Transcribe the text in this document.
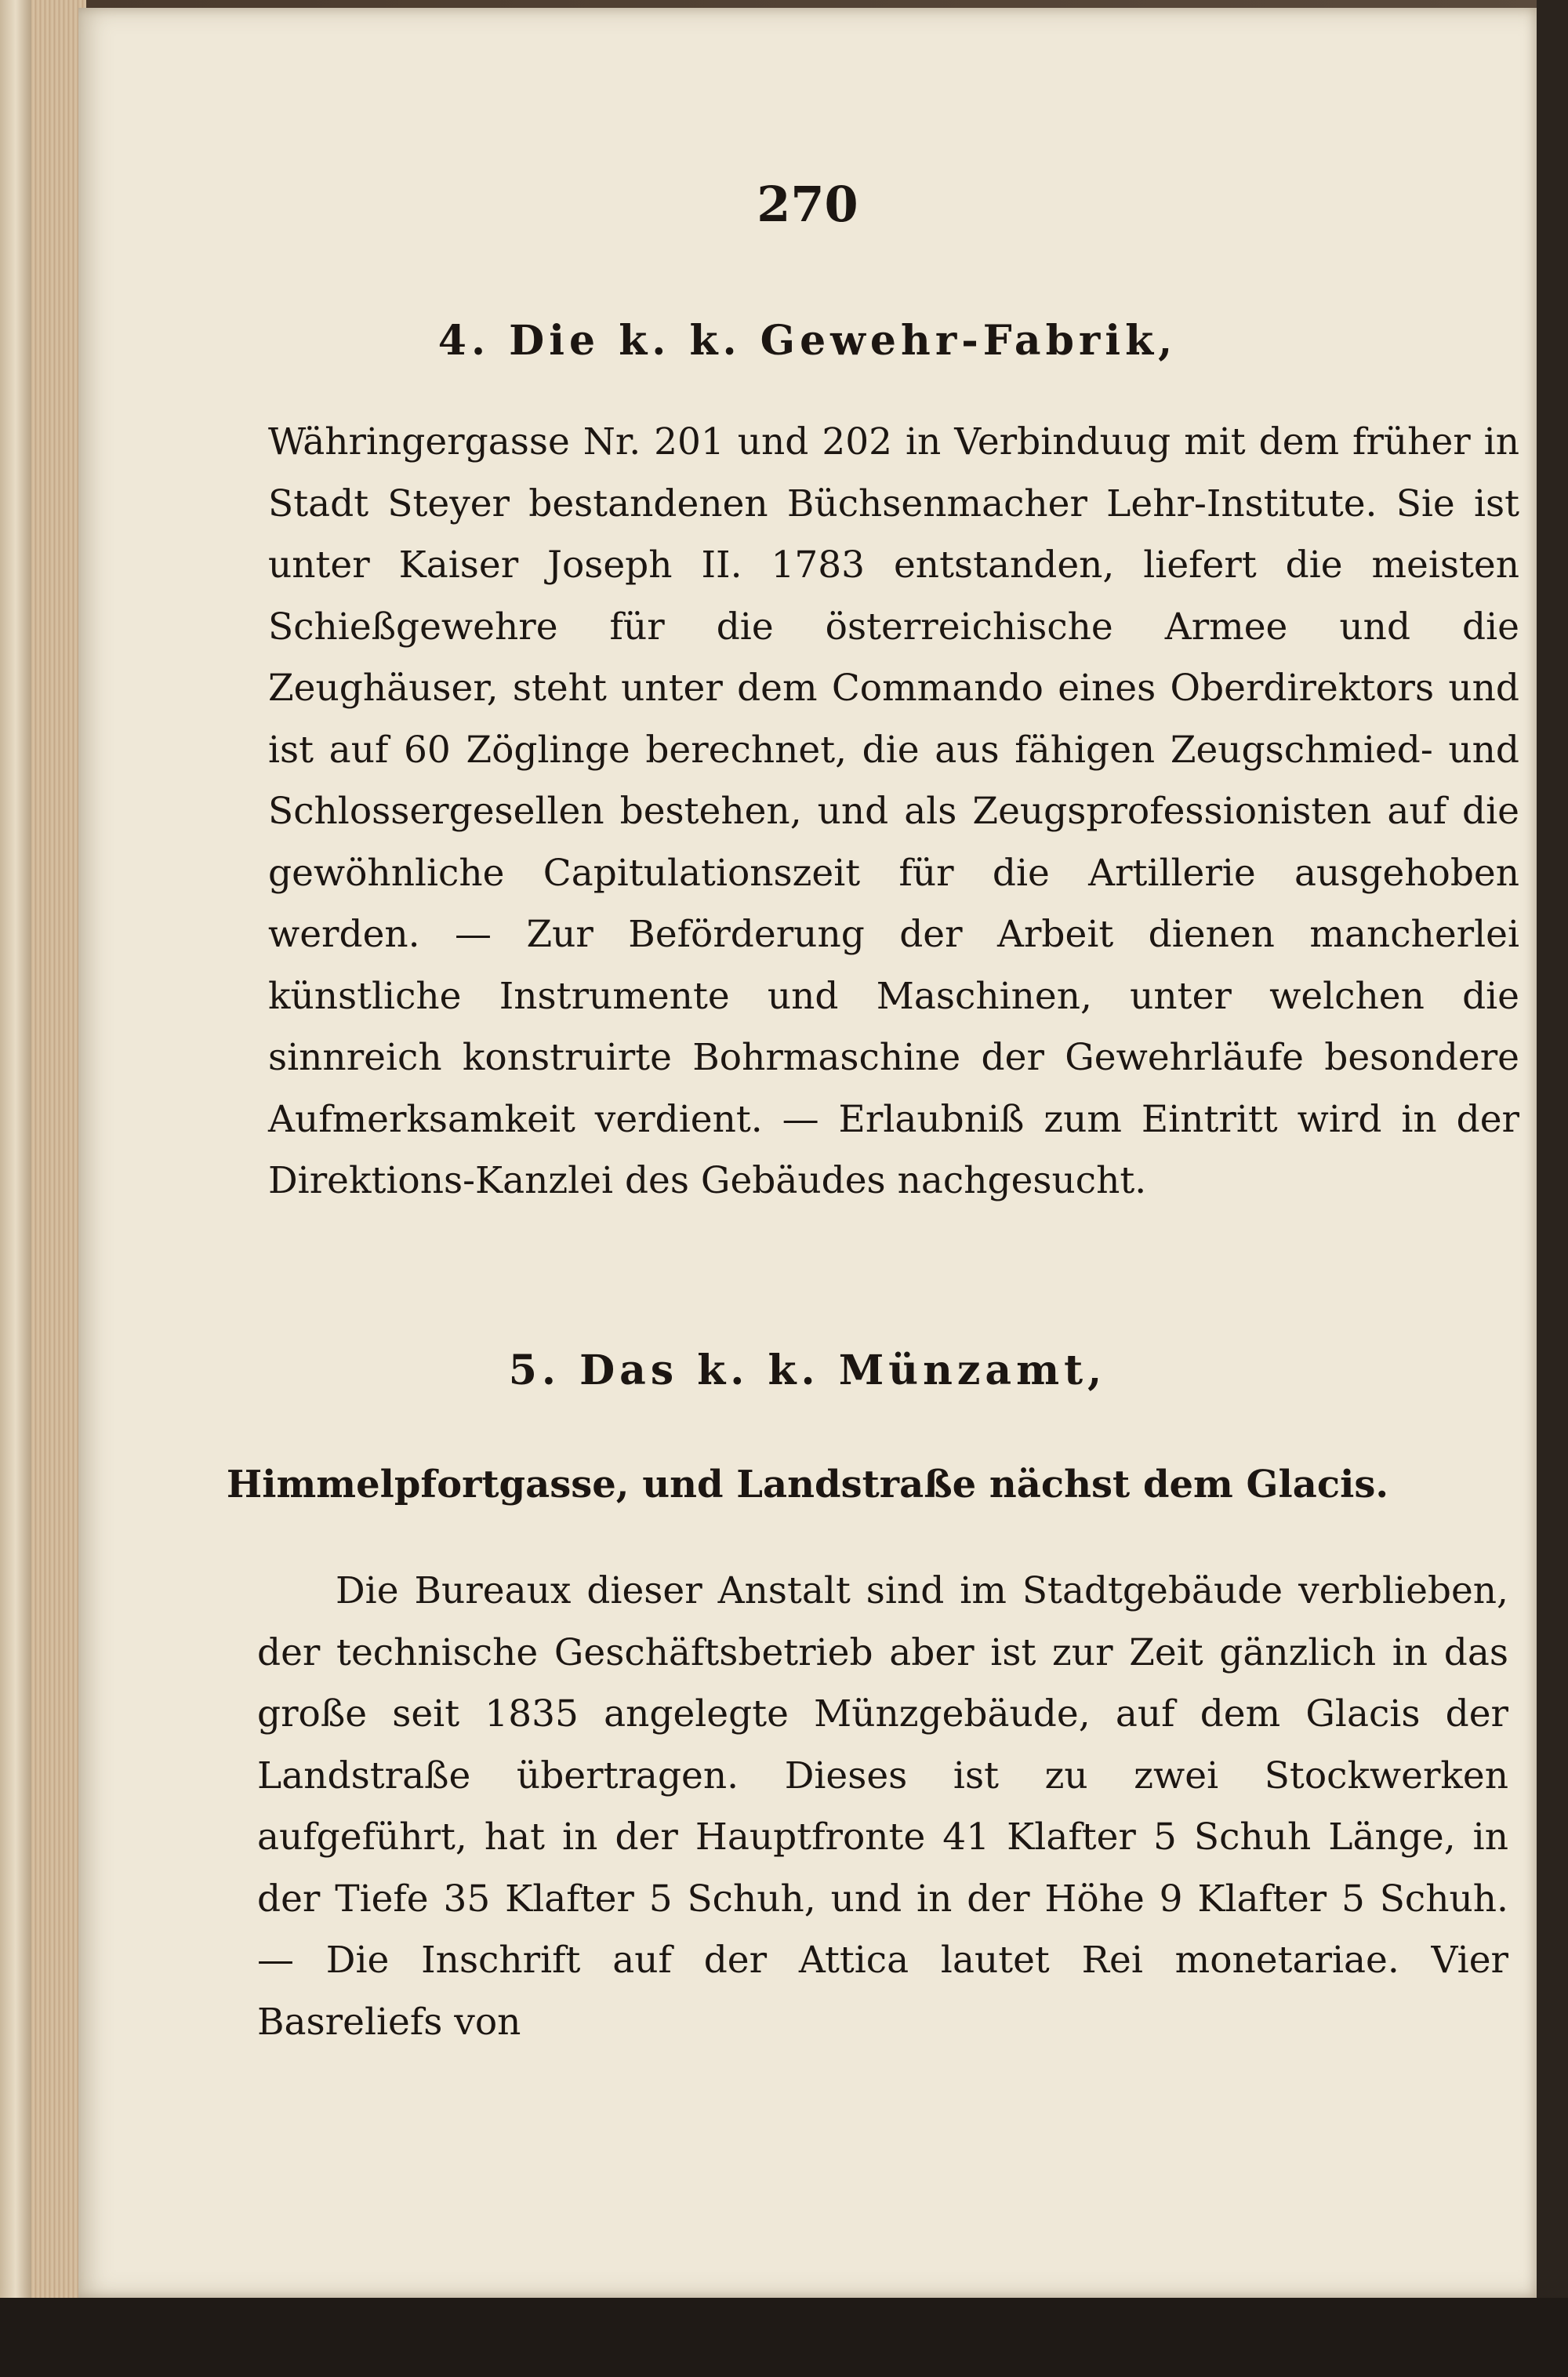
270
4. Die k. k. Gewehr-Fabrik,

Währingergasse Nr. 201 und 202 in Verbinduug mit dem früher in Stadt Steyer bestandenen Büchsenmacher Lehr-Institute. Sie ist unter Kaiser Joseph II. 1783 entstanden, liefert die meisten Schießgewehre für die österreichische Armee und die Zeughäuser, steht unter dem Commando eines Oberdirektors und ist auf 60 Zöglinge berechnet, die aus fähigen Zeugschmied- und Schlossergesellen bestehen, und als Zeugsprofessionisten auf die gewöhnliche Capitulationszeit für die Artillerie ausgehoben werden. — Zur Beförderung der Arbeit dienen mancherlei künstliche Instrumente und Maschinen, unter welchen die sinnreich konstruirte Bohrmaschine der Gewehrläufe besondere Aufmerksamkeit verdient. — Erlaubniß zum Eintritt wird in der Direktions-Kanzlei des Gebäudes nachgesucht.

5. Das k. k. Münzamt,
Himmelpfortgasse, und Landstraße nächst dem Glacis.

Die Bureaux dieser Anstalt sind im Stadtgebäude verblieben, der technische Geschäftsbetrieb aber ist zur Zeit gänzlich in das große seit 1835 angelegte Münzgebäude, auf dem Glacis der Landstraße übertragen. Dieses ist zu zwei Stockwerken aufgeführt, hat in der Hauptfronte 41 Klafter 5 Schuh Länge, in der Tiefe 35 Klafter 5 Schuh, und in der Höhe 9 Klafter 5 Schuh. — Die Inschrift auf der Attica lautet Rei monetariae. Vier Basreliefs von
